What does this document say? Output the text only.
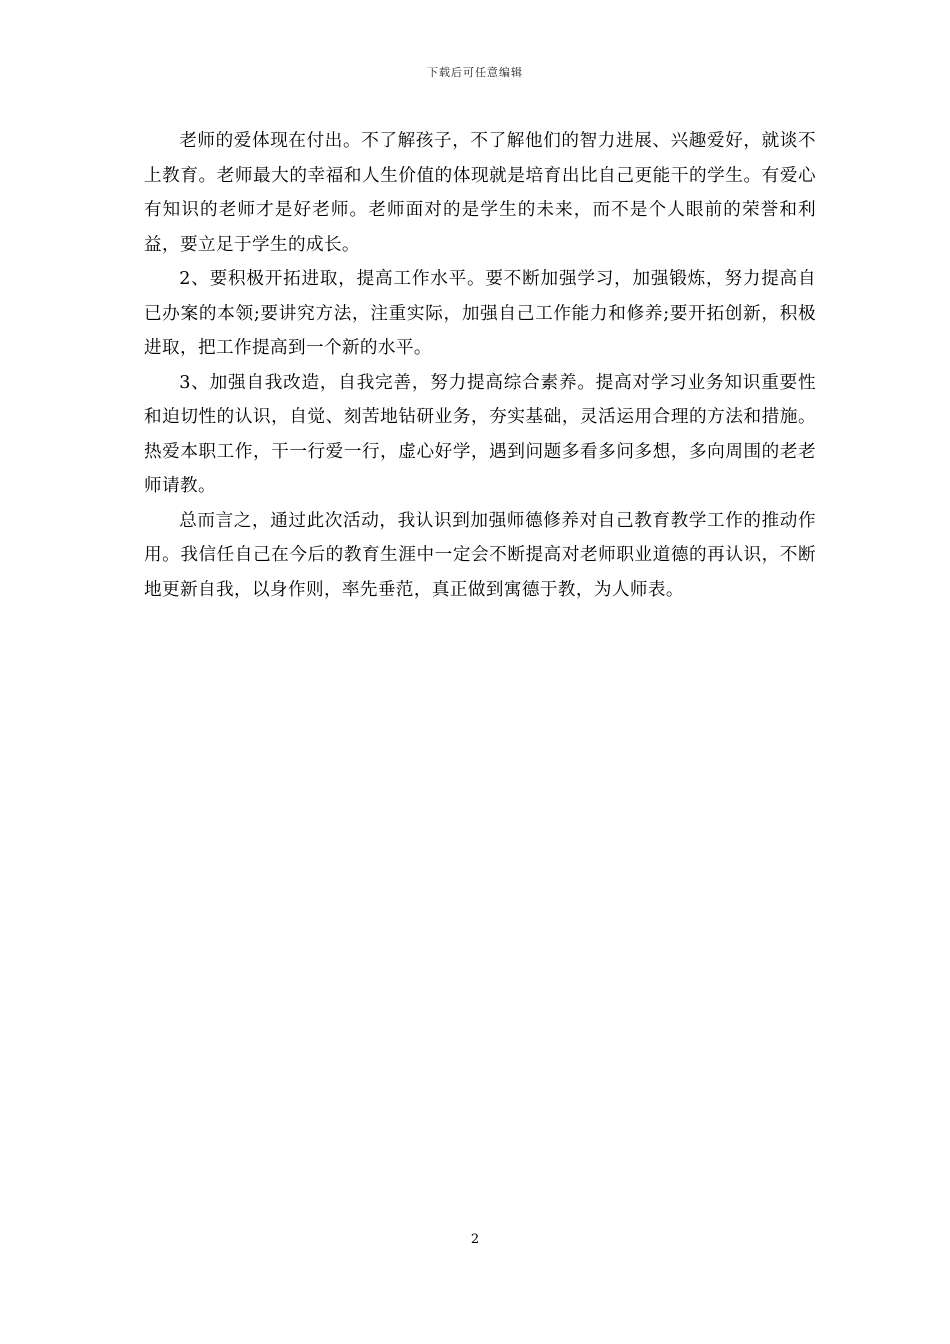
下载后可任意编辑

老师的爱体现在付出。不了解孩子，不了解他们的智力进展、兴趣爱好，就谈不上教育。老师最大的幸福和人生价值的体现就是培育出比自己更能干的学生。有爱心有知识的老师才是好老师。老师面对的是学生的未来，而不是个人眼前的荣誉和利益，要立足于学生的成长。

2、要积极开拓进取，提高工作水平。要不断加强学习，加强锻炼，努力提高自已办案的本领;要讲究方法，注重实际，加强自己工作能力和修养;要开拓创新，积极进取，把工作提高到一个新的水平。

3、加强自我改造，自我完善，努力提高综合素养。提高对学习业务知识重要性和迫切性的认识，自觉、刻苦地钻研业务，夯实基础，灵活运用合理的方法和措施。热爱本职工作，干一行爱一行，虚心好学，遇到问题多看多问多想，多向周围的老老师请教。

总而言之，通过此次活动，我认识到加强师德修养对自己教育教学工作的推动作用。我信任自己在今后的教育生涯中一定会不断提高对老师职业道德的再认识，不断地更新自我，以身作则，率先垂范，真正做到寓德于教，为人师表。

2
